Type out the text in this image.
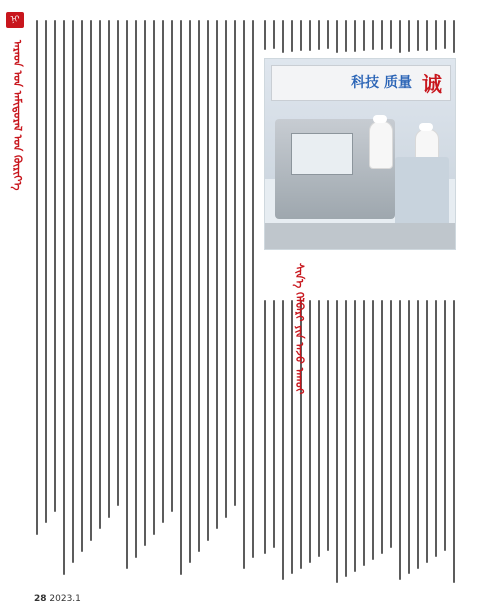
ᠨᠢ
ᠠᠷᠠᠳ ᠤᠨ ᠠᠮᠢᠳᠤᠷᠠᠯ ᠤᠨ ᠬᠦᠷᠢᠶ᠎ᠡ	诚
科技 质量
ᠰᠢᠨ᠎ᠡ ᠬᠡᠯᠪᠡᠷᠢ ᠶᠢᠨ ᠠᠵᠤ ᠠᠬᠤᠢ
28 2023.1
